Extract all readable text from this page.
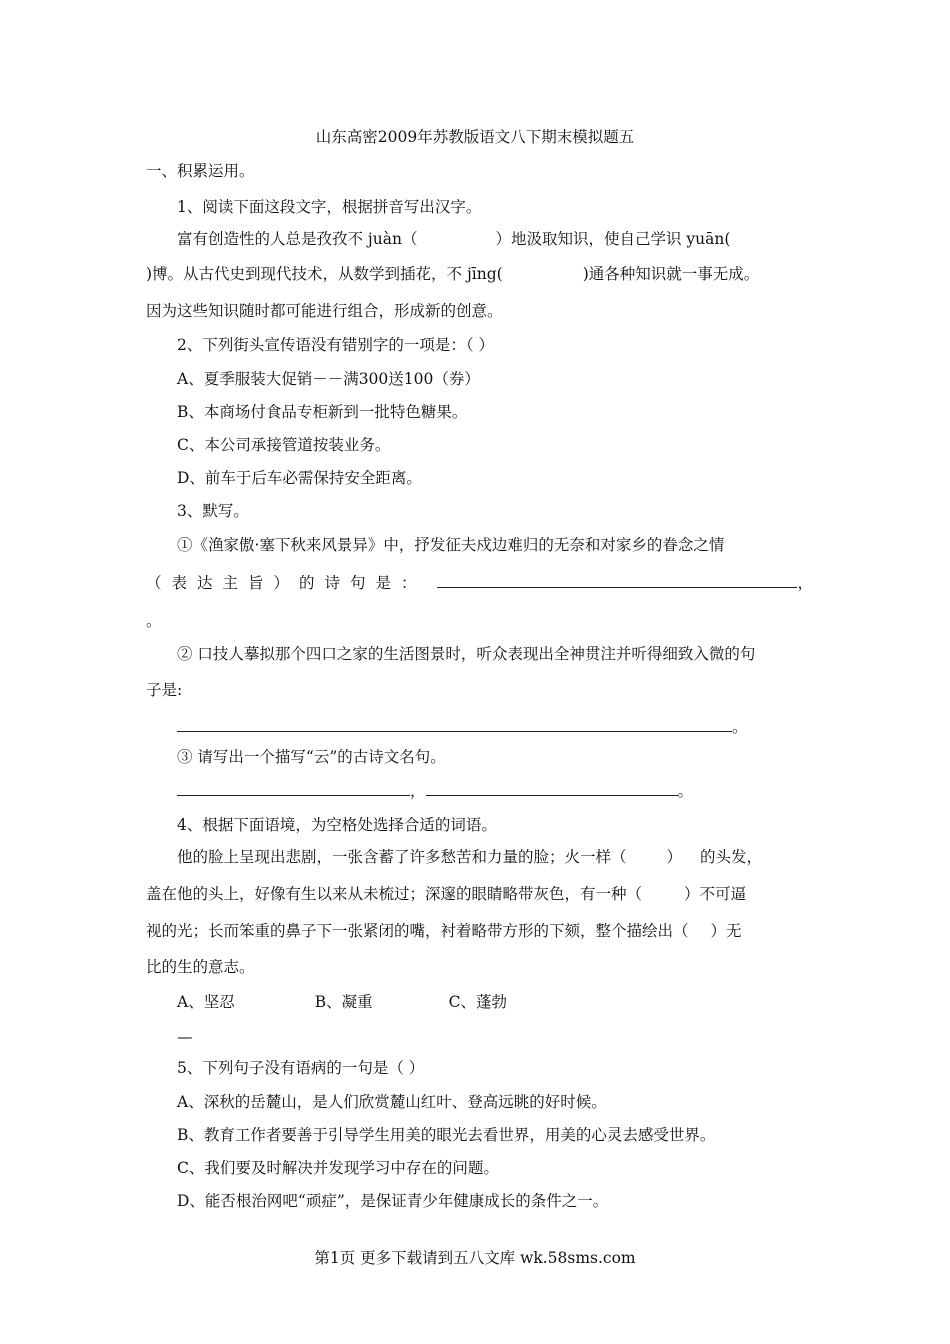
山东高密2009年苏教版语文八下期末模拟题五
一、积累运用。
1、阅读下面这段文字，根据拼音写出汉字。
富有创造性的人总是孜孜不 juàn（	）地汲取知识，使自己学识 yuān(
)博。从古代史到现代技术，从数学到插花，不 jīng(	)通各种知识就一事无成。
因为这些知识随时都可能进行组合，形成新的创意。
2、下列街头宣传语没有错别字的一项是：（ ）
A、夏季服装大促销－－满300送100（券）
B、本商场付食品专柜新到一批特色糖果。
C、本公司承接管道按装业务。
D、前车于后车必需保持安全距离。
3、默写。
①《渔家傲·塞下秋来风景异》中，抒发征夫戍边难归的无奈和对家乡的眷念之情
（表达主旨）的诗句是：	，
。
② 口技人摹拟那个四口之家的生活图景时，听众表现出全神贯注并听得细致入微的句
子是:
。
③ 请写出一个描写“云”的古诗文名句。
，	。
4、根据下面语境，为空格处选择合适的词语。
他的脸上呈现出悲剧，一张含蓄了许多愁苦和力量的脸；火一样（	） 的头发，
盖在他的头上，好像有生以来从未梳过；深邃的眼睛略带灰色，有一种（	）不可逼
视的光；长而笨重的鼻子下一张紧闭的嘴，衬着略带方形的下颏，整个描绘出（ ）无
比的生的意志。
A、坚忍	B、凝重	C、蓬勃
—
5、下列句子没有语病的一句是（ ）
A、深秋的岳麓山，是人们欣赏麓山红叶、登高远眺的好时候。
B、教育工作者要善于引导学生用美的眼光去看世界，用美的心灵去感受世界。
C、我们要及时解决并发现学习中存在的问题。
D、能否根治网吧“顽症”，是保证青少年健康成长的条件之一。
第1页 更多下载请到五八文库 wk.58sms.com
